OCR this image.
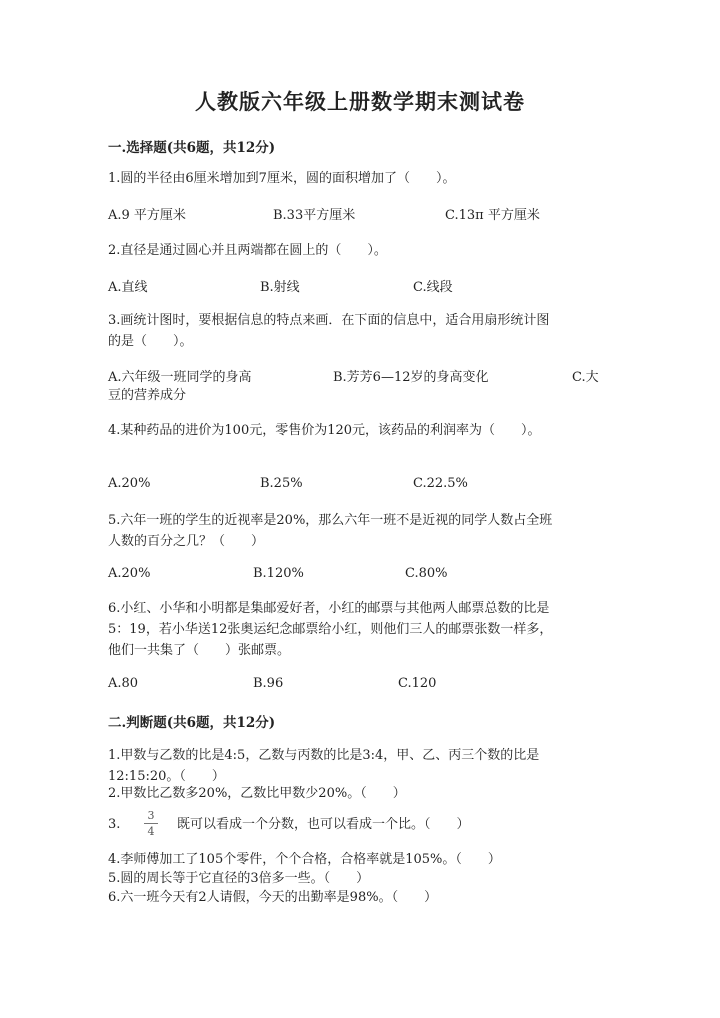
人教版六年级上册数学期末测试卷
一.选择题(共6题，共12分)
1.圆的半径由6厘米增加到7厘米，圆的面积增加了（　　）。
A.9 平方厘米	B.33平方厘米	C.13π 平方厘米
2.直径是通过圆心并且两端都在圆上的（　　）。
A.直线	B.射线	C.线段
3.画统计图时，要根据信息的特点来画．在下面的信息中，适合用扇形统计图
的是（　　）。
A.六年级一班同学的身高	B.芳芳6—12岁的身高变化	C.大
豆的营养成分
4.某种药品的进价为100元，零售价为120元，该药品的利润率为（　　）。
A.20%	B.25%	C.22.5%
5.六年一班的学生的近视率是20%，那么六年一班不是近视的同学人数占全班
人数的百分之几？（　　）
A.20%	B.120%	C.80%
6.小红、小华和小明都是集邮爱好者，小红的邮票与其他两人邮票总数的比是
5：19，若小华送12张奥运纪念邮票给小红，则他们三人的邮票张数一样多，
他们一共集了（　　）张邮票。
A.80	B.96	C.120
二.判断题(共6题，共12分)
1.甲数与乙数的比是4:5，乙数与丙数的比是3:4，甲、乙、丙三个数的比是
12:15:20。（　　）
2.甲数比乙数多20%，乙数比甲数少20%。（　　）
3.
3
4 既可以看成一个分数，也可以看成一个比。（　　）
4.李师傅加工了105个零件，个个合格，合格率就是105%。（　　）
5.圆的周长等于它直径的3倍多一些。（　　）
6.六一班今天有2人请假，今天的出勤率是98%。（　　）
